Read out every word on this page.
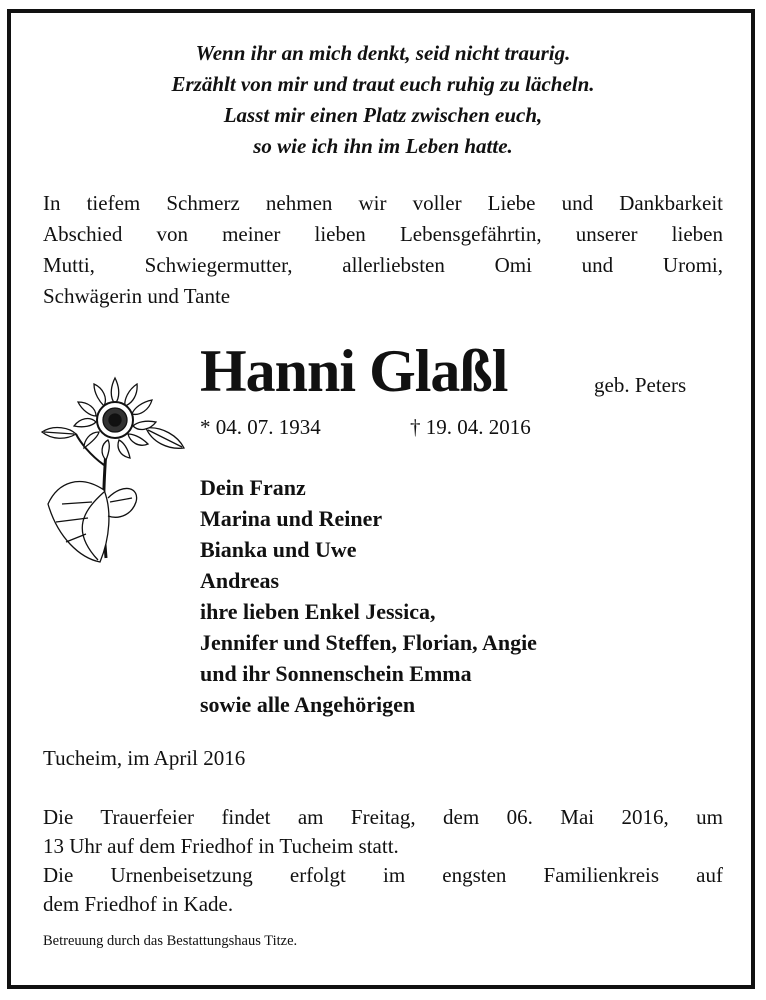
Wenn ihr an mich denkt, seid nicht traurig.
Erzählt von mir und traut euch ruhig zu lächeln.
Lasst mir einen Platz zwischen euch,
so wie ich ihn im Leben hatte.
In tiefem Schmerz nehmen wir voller Liebe und Dankbarkeit
Abschied von meiner lieben Lebensgefährtin, unserer lieben
Mutti, Schwiegermutter, allerliebsten Omi und Uromi,
Schwägerin und Tante
Hanni Glaßl	geb. Peters
* 04. 07. 1934	† 19. 04. 2016
Dein Franz
Marina und Reiner
Bianka und Uwe
Andreas
ihre lieben Enkel Jessica,
Jennifer und Steffen, Florian, Angie
und ihr Sonnenschein Emma
sowie alle Angehörigen
Tucheim, im April 2016
Die Trauerfeier findet am Freitag, dem 06. Mai 2016, um
13 Uhr auf dem Friedhof in Tucheim statt.
Die Urnenbeisetzung erfolgt im engsten Familienkreis auf
dem Friedhof in Kade.
Betreuung durch das Bestattungshaus Titze.
